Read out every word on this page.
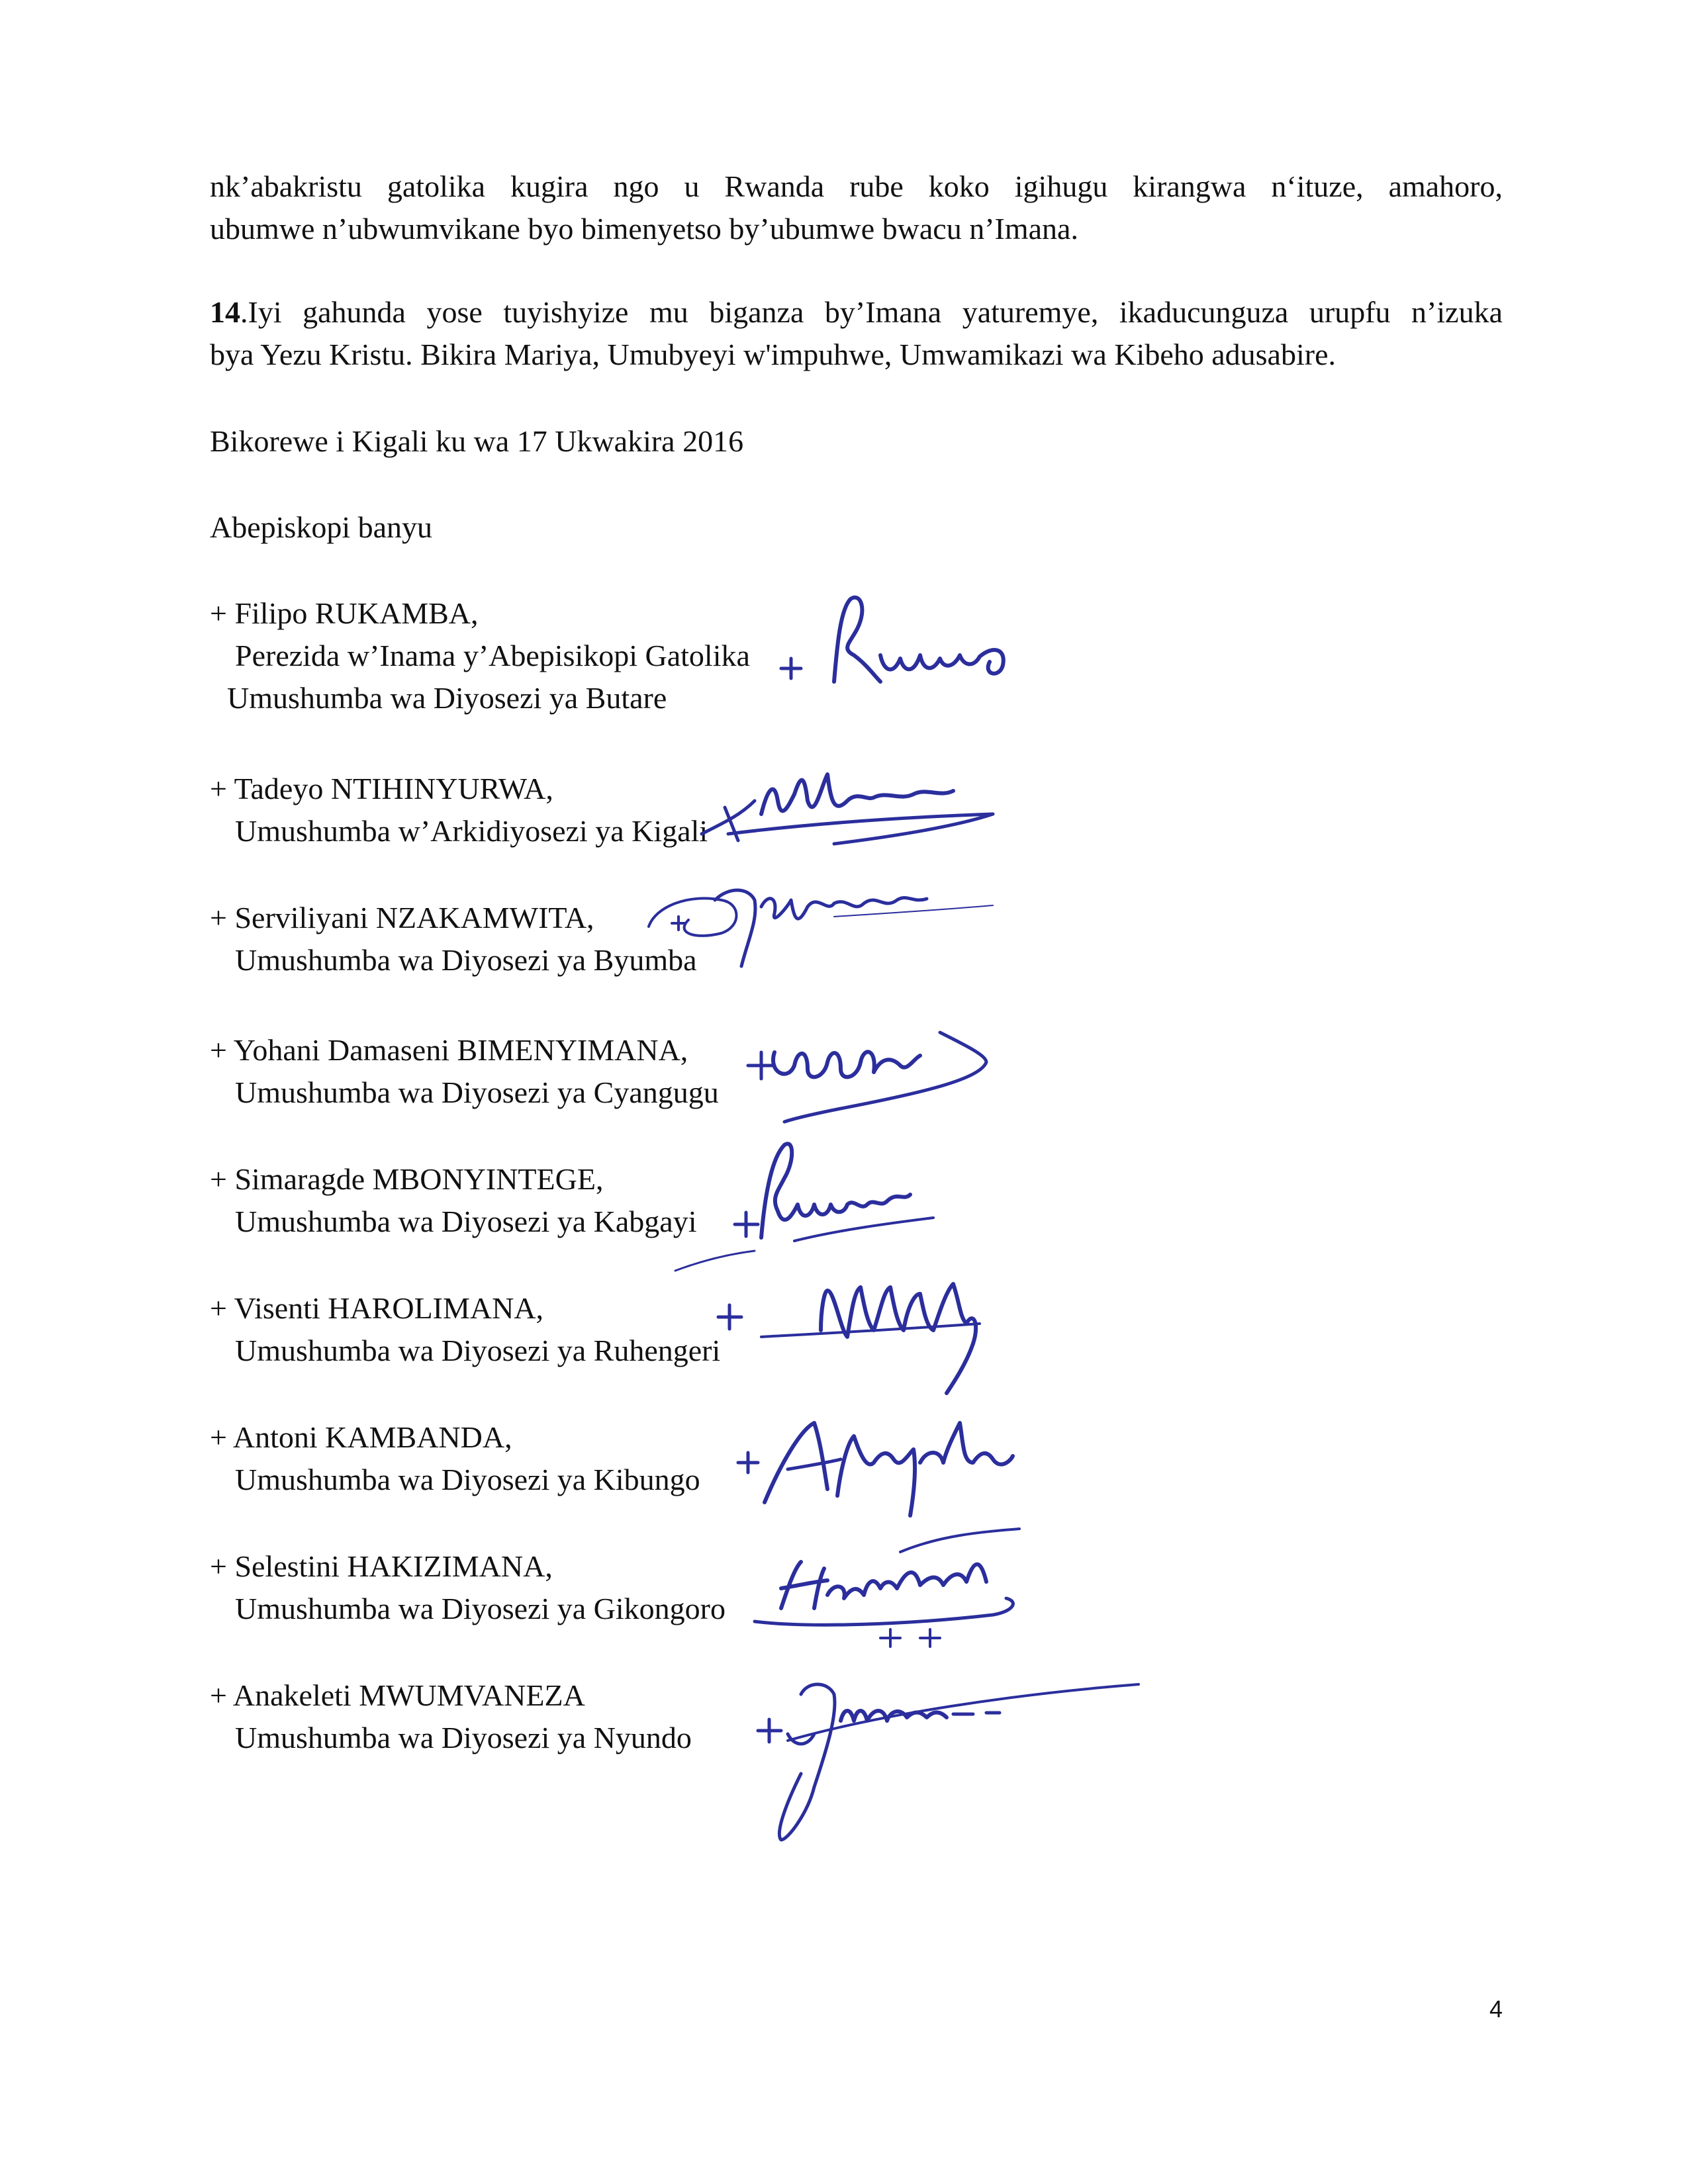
nk’abakristu gatolika kugira ngo u Rwanda rube koko igihugu kirangwa n‘ituze, amahoro,
ubumwe n’ubwumvikane byo bimenyetso by’ubumwe bwacu n’Imana.
14.Iyi gahunda yose tuyishyize mu biganza by’Imana yaturemye, ikaducunguza urupfu n’izuka
bya Yezu Kristu. Bikira Mariya, Umubyeyi w'impuhwe, Umwamikazi wa Kibeho adusabire.
Bikorewe i Kigali ku wa 17 Ukwakira 2016
Abepiskopi banyu
+ Filipo RUKAMBA,
Perezida w’Inama y’Abepisikopi Gatolika
Umushumba wa Diyosezi ya Butare
+ Tadeyo NTIHINYURWA,
Umushumba w’Arkidiyosezi ya Kigali
+ Serviliyani NZAKAMWITA,
Umushumba wa Diyosezi ya Byumba
+ Yohani Damaseni BIMENYIMANA,
Umushumba wa Diyosezi ya Cyangugu
+ Simaragde MBONYINTEGE,
Umushumba wa Diyosezi ya Kabgayi
+ Visenti HAROLIMANA,
Umushumba wa Diyosezi ya Ruhengeri
+ Antoni KAMBANDA,
Umushumba wa Diyosezi ya Kibungo
+ Selestini HAKIZIMANA,
Umushumba wa Diyosezi ya Gikongoro
+ Anakeleti MWUMVANEZA
Umushumba wa Diyosezi ya Nyundo
4
